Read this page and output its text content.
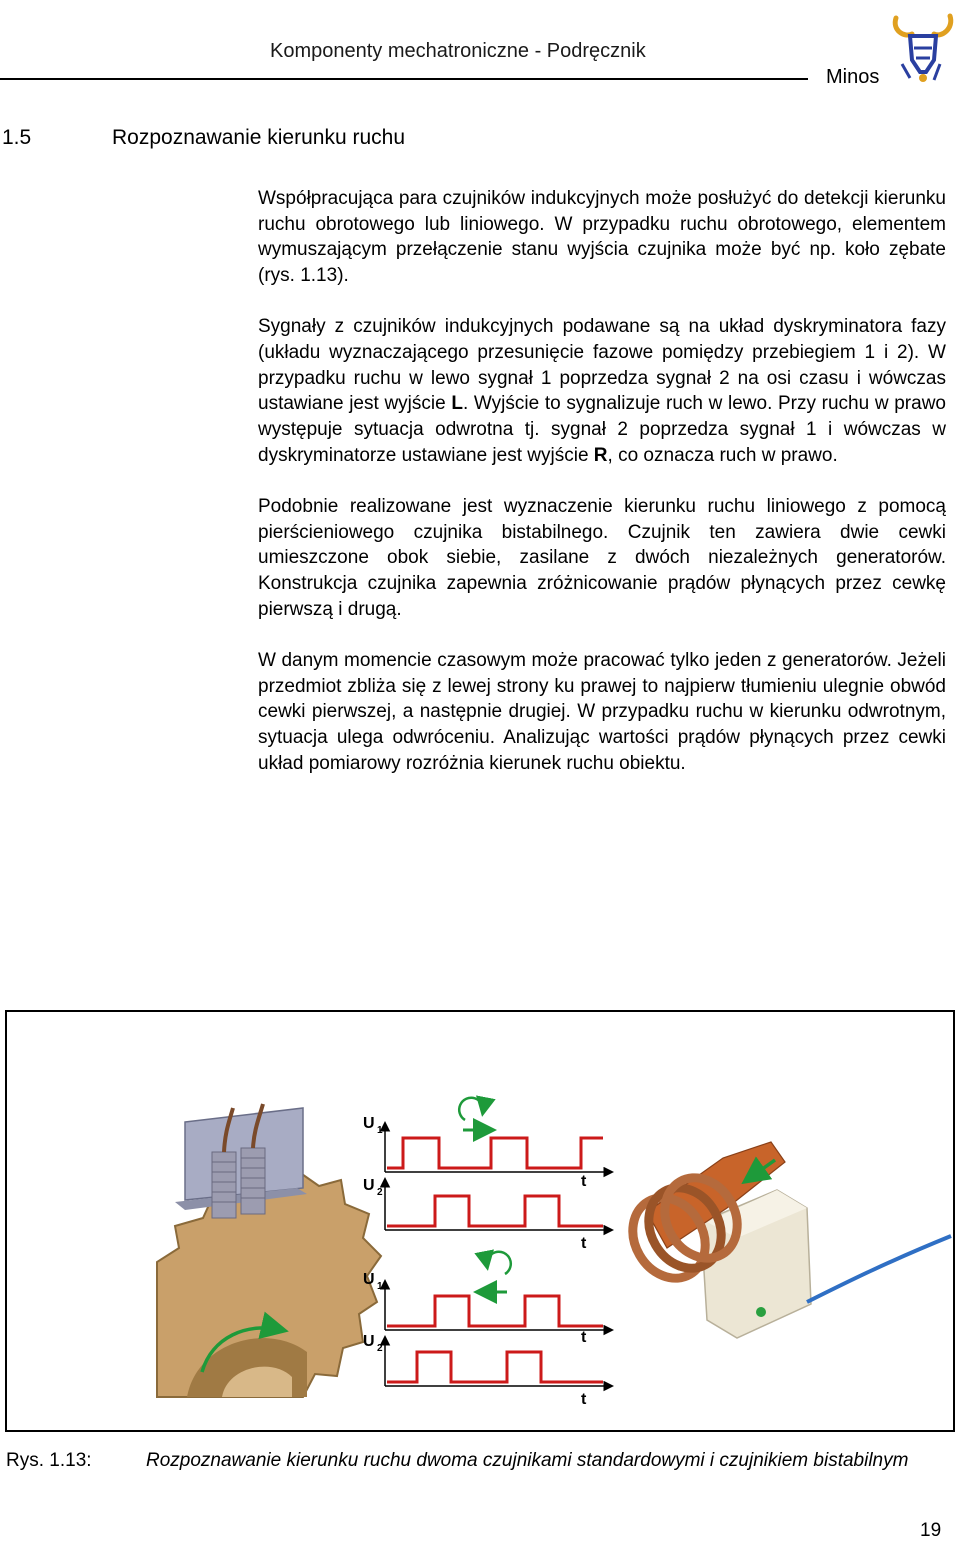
Komponenty mechatroniczne - Podręcznik
Minos
1.5	Rozpoznawanie kierunku ruchu

Współpracująca para czujników indukcyjnych może posłużyć do detekcji kierunku ruchu obrotowego lub liniowego. W przypadku ruchu obrotowego, elementem wymuszającym przełączenie stanu wyjścia czujnika może być np. koło zębate (rys. 1.13).

Sygnały z czujników indukcyjnych podawane są na układ dyskryminatora fazy (układu wyznaczającego przesunięcie fazowe pomiędzy przebiegiem 1 i 2). W przypadku ruchu w lewo sygnał 1 poprzedza sygnał 2 na osi czasu i wówczas ustawiane jest wyjście L. Wyjście to sygnalizuje ruch w lewo. Przy ruchu w prawo występuje sytuacja odwrotna tj. sygnał 2 poprzedza sygnał 1 i wówczas w dyskryminatorze ustawiane jest wyjście R, co oznacza ruch w prawo.

Podobnie realizowane jest wyznaczenie kierunku ruchu liniowego z pomocą pierścieniowego czujnika bistabilnego. Czujnik ten zawiera dwie cewki umieszczone obok siebie, zasilane z dwóch niezależnych generatorów. Konstrukcja czujnika zapewnia zróżnicowanie prądów płynących przez cewkę pierwszą i drugą.

W danym momencie czasowym może pracować tylko jeden z generatorów. Jeżeli przedmiot zbliża się z lewej strony ku prawej to najpierw tłumieniu ulegnie obwód cewki pierwszej, a następnie drugiej. W przypadku ruchu w kierunku odwrotnym, sytuacja ulega odwróceniu. Analizując wartości prądów płynących przez cewki układ pomiarowy rozróżnia kierunek ruchu obiektu.

U 1
U 2
U 1
U 2
t
t
t
t
Rys. 1.13:	Rozpoznawanie kierunku ruchu dwoma czujnikami standardowymi i czujnikiem bistabilnym
19
